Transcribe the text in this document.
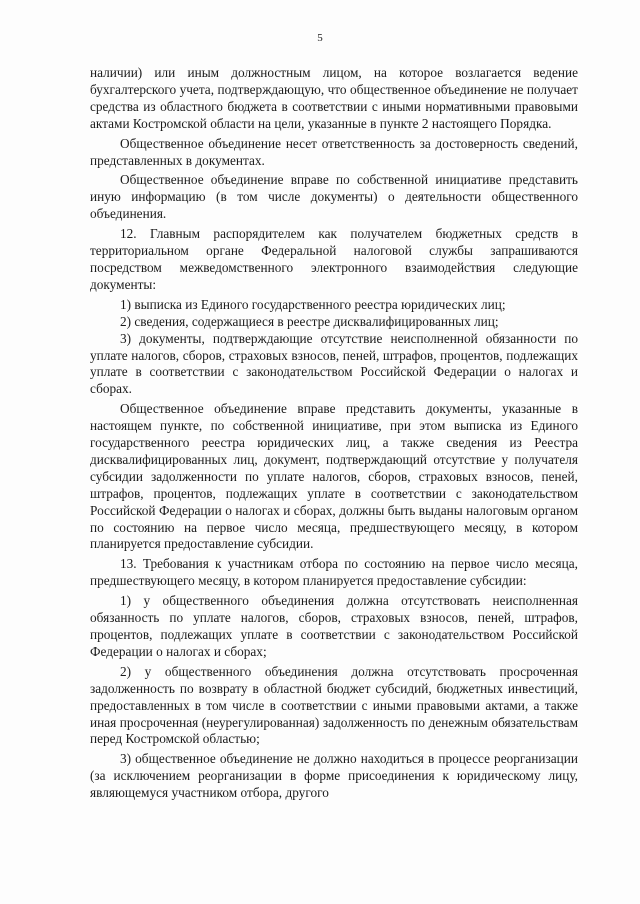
5

наличии) или иным должностным лицом, на которое возлагается ведение бухгалтерского учета, подтверждающую, что общественное объединение не получает средства из областного бюджета в соответствии с иными нормативными правовыми актами Костромской области на цели, указанные в пункте 2 настоящего Порядка.

Общественное объединение несет ответственность за достоверность сведений, представленных в документах.

Общественное объединение вправе по собственной инициативе представить иную информацию (в том числе документы) о деятельности общественного объединения.

12. Главным распорядителем как получателем бюджетных средств в территориальном органе Федеральной налоговой службы запрашиваются посредством межведомственного электронного взаимодействия следующие документы:

1) выписка из Единого государственного реестра юридических лиц;

2) сведения, содержащиеся в реестре дисквалифицированных лиц;

3) документы, подтверждающие отсутствие неисполненной обязанности по уплате налогов, сборов, страховых взносов, пеней, штрафов, процентов, подлежащих уплате в соответствии с законодательством Российской Федерации о налогах и сборах.

Общественное объединение вправе представить документы, указанные в настоящем пункте, по собственной инициативе, при этом выписка из Единого государственного реестра юридических лиц, а также сведения из Реестра дисквалифицированных лиц, документ, подтверждающий отсутствие у получателя субсидии задолженности по уплате налогов, сборов, страховых взносов, пеней, штрафов, процентов, подлежащих уплате в соответствии с законодательством Российской Федерации о налогах и сборах, должны быть выданы налоговым органом по состоянию на первое число месяца, предшествующего месяцу, в котором планируется предоставление субсидии.

13. Требования к участникам отбора по состоянию на первое число месяца, предшествующего месяцу, в котором планируется предоставление субсидии:

1) у общественного объединения должна отсутствовать неисполненная обязанность по уплате налогов, сборов, страховых взносов, пеней, штрафов, процентов, подлежащих уплате в соответствии с законодательством Российской Федерации о налогах и сборах;

2) у общественного объединения должна отсутствовать просроченная задолженность по возврату в областной бюджет субсидий, бюджетных инвестиций, предоставленных в том числе в соответствии с иными правовыми актами, а также иная просроченная (неурегулированная) задолженность по денежным обязательствам перед Костромской областью;

3) общественное объединение не должно находиться в процессе реорганизации (за исключением реорганизации в форме присоединения к юридическому лицу, являющемуся участником отбора, другого
